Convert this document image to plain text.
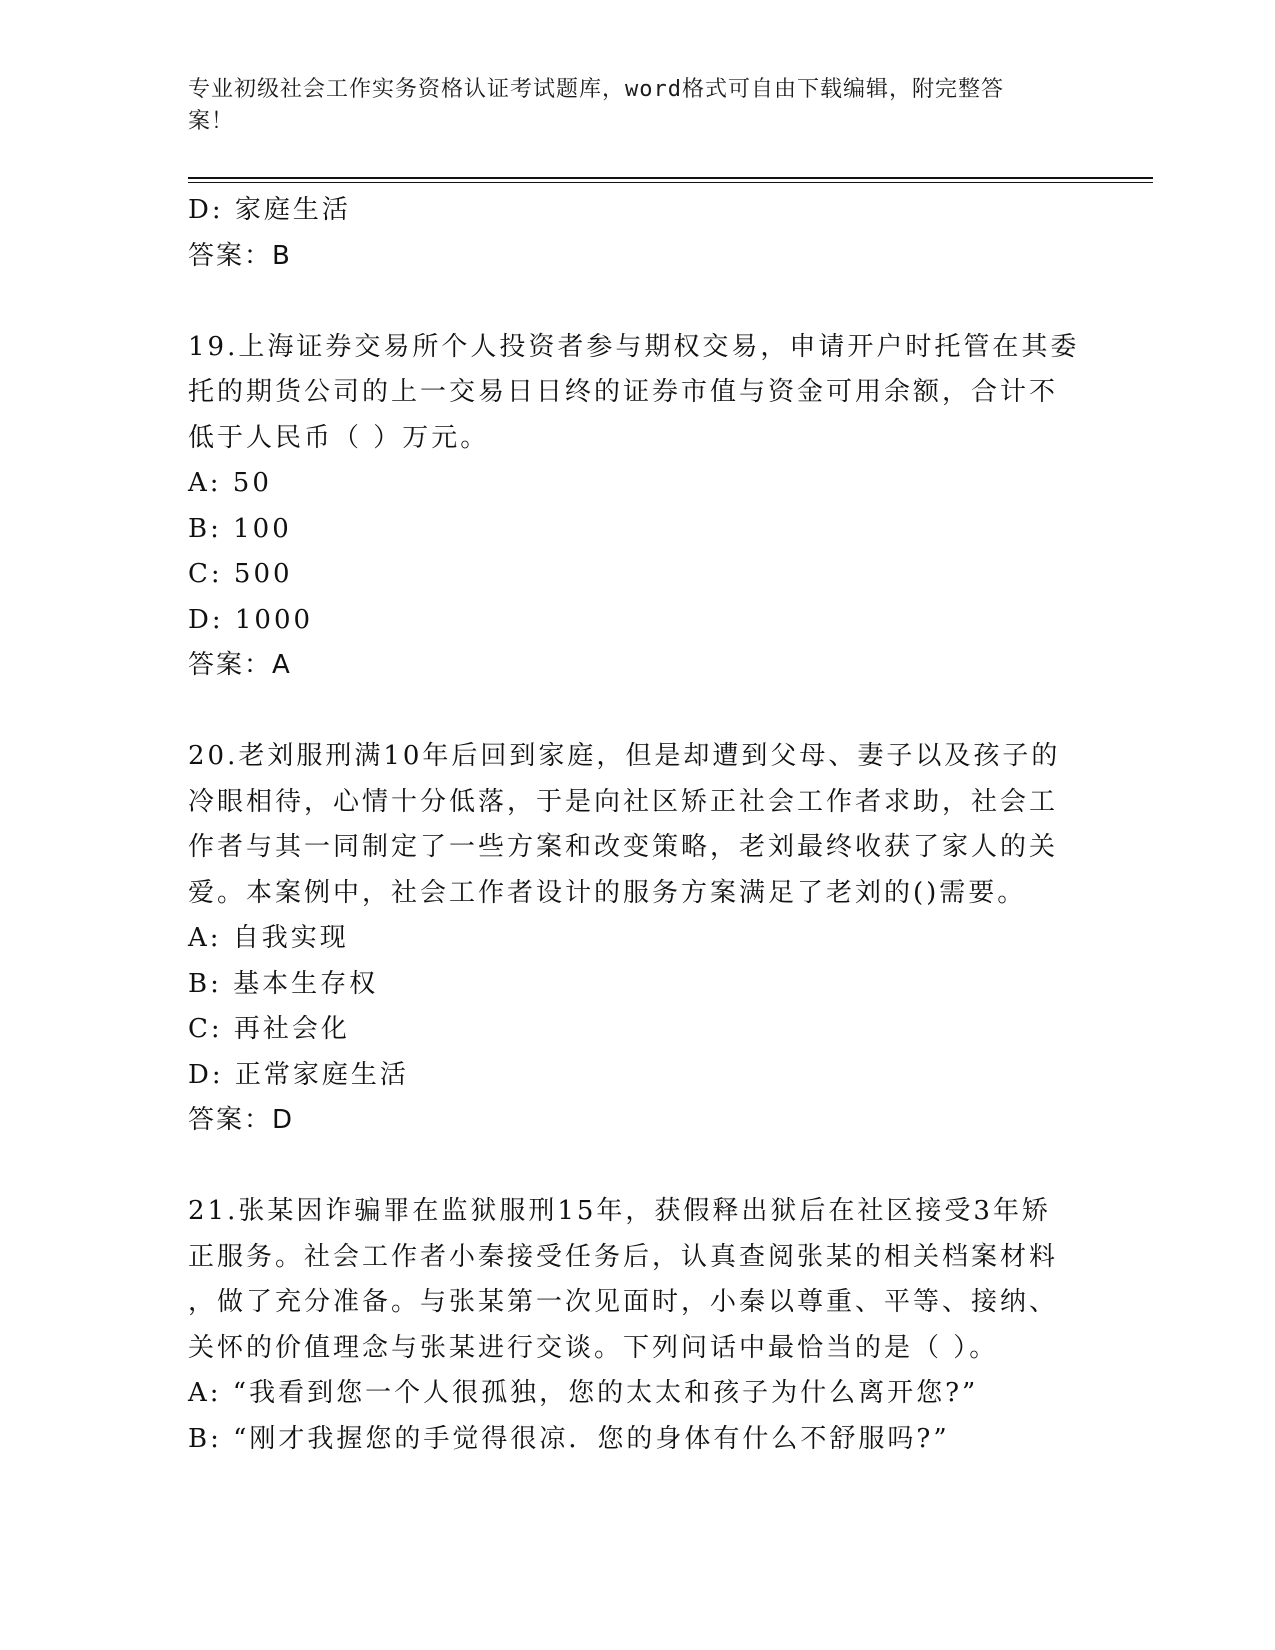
专业初级社会工作实务资格认证考试题库，word格式可自由下载编辑，附完整答
案！
D: 家庭生活
答案：B
19.上海证券交易所个人投资者参与期权交易，申请开户时托管在其委
托的期货公司的上一交易日日终的证券市值与资金可用余额，合计不
低于人民币（ ）万元。
A: 50
B: 100
C: 500
D: 1000
答案：A
20.老刘服刑满10年后回到家庭，但是却遭到父母、妻子以及孩子的
冷眼相待，心情十分低落，于是向社区矫正社会工作者求助，社会工
作者与其一同制定了一些方案和改变策略，老刘最终收获了家人的关
爱。本案例中，社会工作者设计的服务方案满足了老刘的()需要。
A: 自我实现
B: 基本生存权
C: 再社会化
D: 正常家庭生活
答案：D
21.张某因诈骗罪在监狱服刑15年，获假释出狱后在社区接受3年矫
正服务。社会工作者小秦接受任务后，认真查阅张某的相关档案材料
，做了充分准备。与张某第一次见面时，小秦以尊重、平等、接纳、
关怀的价值理念与张某进行交谈。下列问话中最恰当的是（ ）。
A: “我看到您一个人很孤独，您的太太和孩子为什么离开您?”
B: “刚才我握您的手觉得很凉．您的身体有什么不舒服吗?”
